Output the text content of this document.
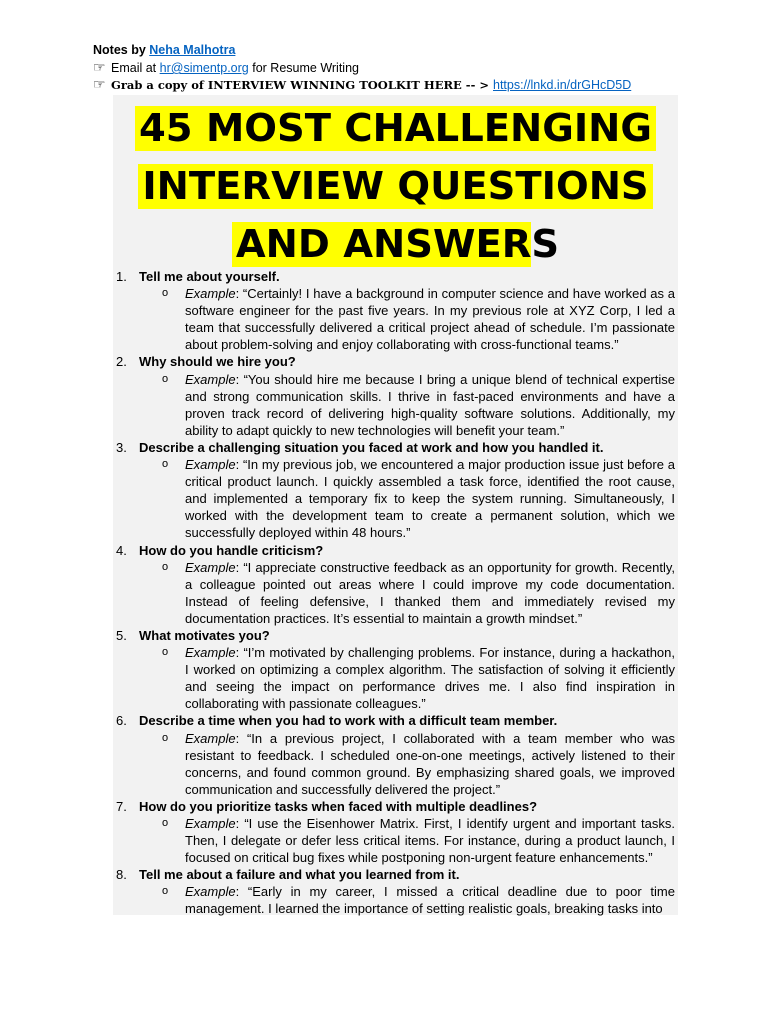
Notes by Neha Malhotra
☞ Email at hr@simentp.org for Resume Writing
☞ Grab a copy of INTERVIEW WINNING TOOLKIT HERE -- > https://lnkd.in/drGHcD5D
45 MOST CHALLENGING
INTERVIEW QUESTIONS
AND ANSWERS
1. Tell me about yourself.
o Example: “Certainly! I have a background in computer science and have worked as a software engineer for the past five years. In my previous role at XYZ Corp, I led a team that successfully delivered a critical project ahead of schedule. I’m passionate about problem-solving and enjoy collaborating with cross-functional teams.”
2. Why should we hire you?
o Example: “You should hire me because I bring a unique blend of technical expertise and strong communication skills. I thrive in fast-paced environments and have a proven track record of delivering high-quality software solutions. Additionally, my ability to adapt quickly to new technologies will benefit your team.”
3. Describe a challenging situation you faced at work and how you handled it.
o Example: “In my previous job, we encountered a major production issue just before a critical product launch. I quickly assembled a task force, identified the root cause, and implemented a temporary fix to keep the system running. Simultaneously, I worked with the development team to create a permanent solution, which we successfully deployed within 48 hours.”
4. How do you handle criticism?
o Example: “I appreciate constructive feedback as an opportunity for growth. Recently, a colleague pointed out areas where I could improve my code documentation. Instead of feeling defensive, I thanked them and immediately revised my documentation practices. It’s essential to maintain a growth mindset.”
5. What motivates you?
o Example: “I’m motivated by challenging problems. For instance, during a hackathon, I worked on optimizing a complex algorithm. The satisfaction of solving it efficiently and seeing the impact on performance drives me. I also find inspiration in collaborating with passionate colleagues.”
6. Describe a time when you had to work with a difficult team member.
o Example: “In a previous project, I collaborated with a team member who was resistant to feedback. I scheduled one-on-one meetings, actively listened to their concerns, and found common ground. By emphasizing shared goals, we improved communication and successfully delivered the project.”
7. How do you prioritize tasks when faced with multiple deadlines?
o Example: “I use the Eisenhower Matrix. First, I identify urgent and important tasks. Then, I delegate or defer less critical items. For instance, during a product launch, I focused on critical bug fixes while postponing non-urgent feature enhancements.”
8. Tell me about a failure and what you learned from it.
o Example: “Early in my career, I missed a critical deadline due to poor time management. I learned the importance of setting realistic goals, breaking tasks into
